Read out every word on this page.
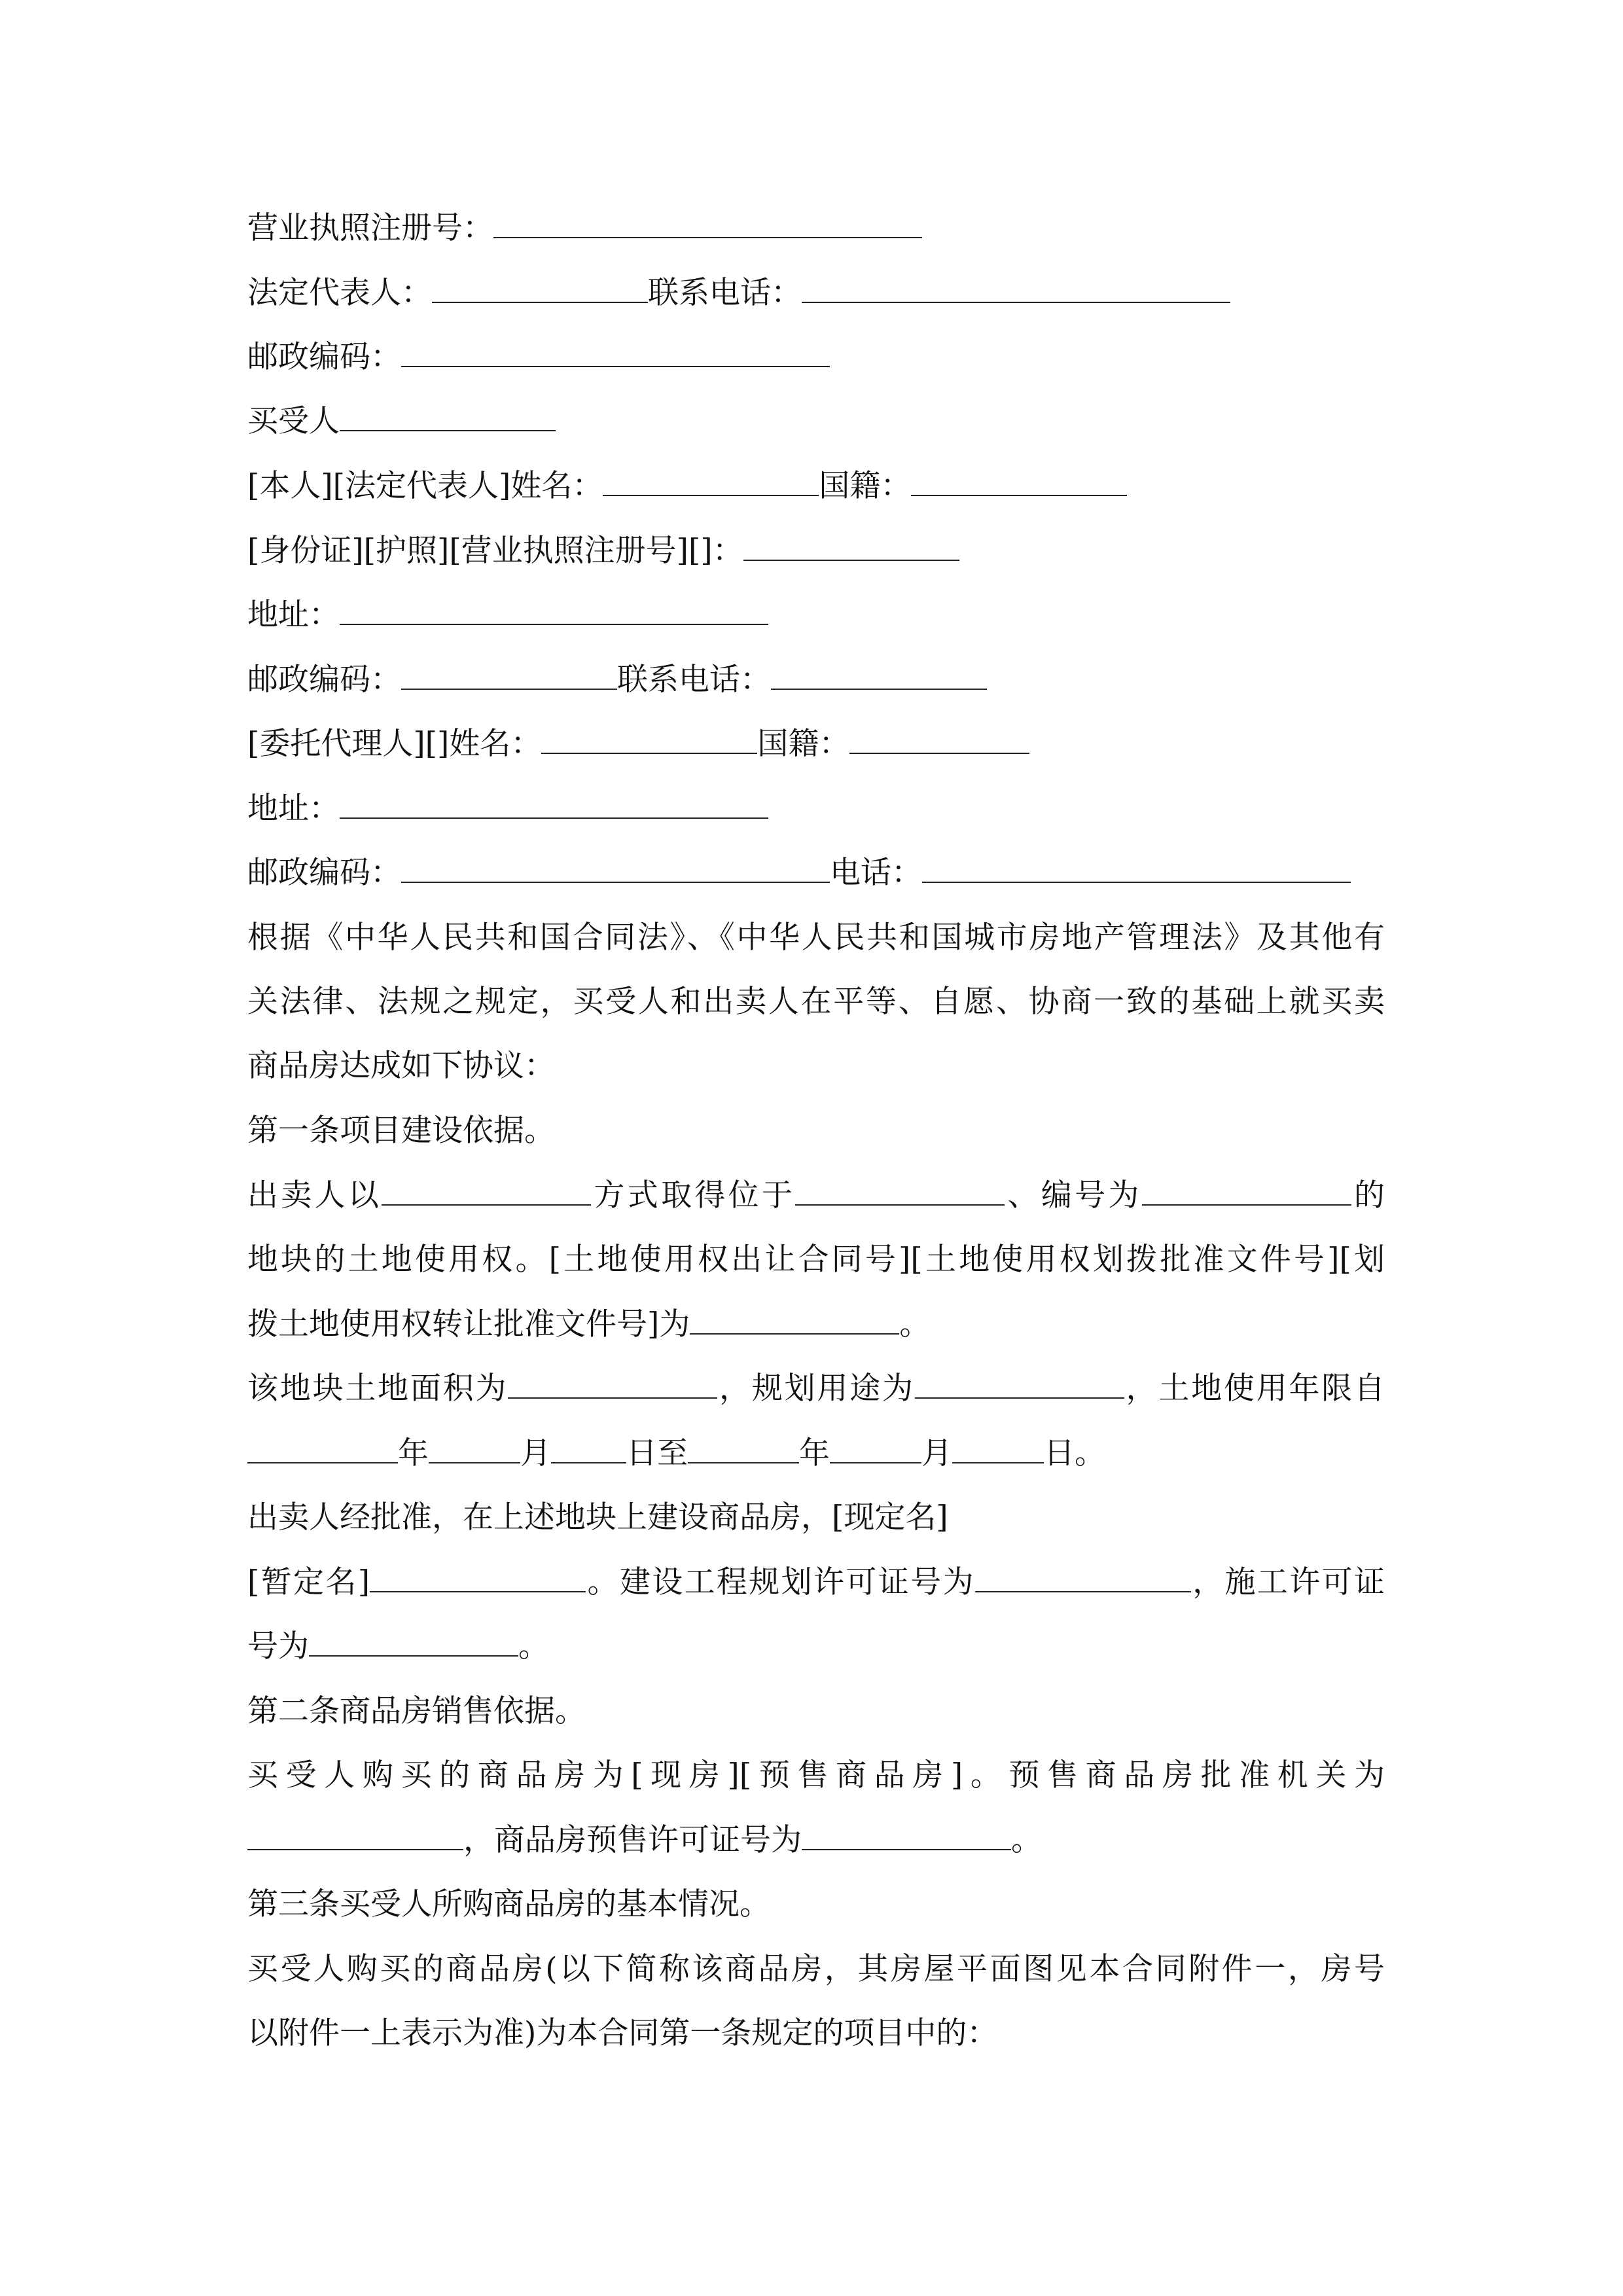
营业执照注册号：
法定代表人：	联系电话：
邮政编码：
买受人
[本人][法定代表人]姓名：	国籍：
[身份证][护照][营业执照注册号][]：
地址：
邮政编码：	联系电话：
[委托代理人][]姓名：	国籍：
地址：
邮政编码：	电话：
根据《中华人民共和国合同法》、《中华人民共和国城市房地产管理法》及其他有
关法律、法规之规定，买受人和出卖人在平等、自愿、协商一致的基础上就买卖
商品房达成如下协议：
第一条项目建设依据。
出卖人以	方式取得位于	、编号为	的
地块的土地使用权。[土地使用权出让合同号][土地使用权划拨批准文件号][划
拨土地使用权转让批准文件号]为	。
该地块土地面积为	，规划用途为	，土地使用年限自
年	月 日至	年	月	日。
出卖人经批准，在上述地块上建设商品房，[现定名]
[暂定名]	。建设工程规划许可证号为	，施工许可证
号为	。
第二条商品房销售依据。
买受人购买的商品房为[现房][预售商品房]。预售商品房批准机关为
，商品房预售许可证号为	。
第三条买受人所购商品房的基本情况。
买受人购买的商品房(以下简称该商品房，其房屋平面图见本合同附件一，房号
以附件一上表示为准)为本合同第一条规定的项目中的：
